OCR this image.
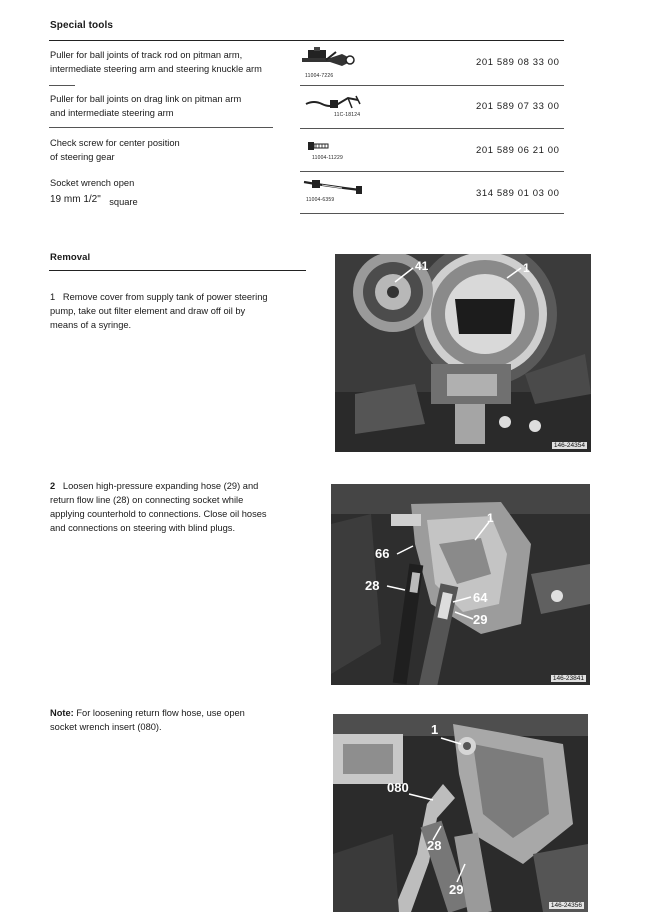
Special tools
Puller for ball joints of track rod on pitman arm,
intermediate steering arm and steering knuckle arm
11004-7226
201 589 08 33 00
Puller for ball joints on drag link on pitman arm
and intermediate steering arm	11C-18124
201 589 07 33 00
Check screw for center position
of steering gear	11004-11229
201 589 06 21 00
Socket wrench open
19 mm 1/2" square	11004-6359
314 589 01 03 00
Removal
1 Remove cover from supply tank of power steering
pump, take out filter element and draw off oil by
means of a syringe.
41	1
146-24354
2 Loosen high-pressure expanding hose (29) and
return flow line (28) on connecting socket while
applying counterhold to connections. Close oil hoses
and connections on steering with blind plugs.
1
66
28
64
29
146-23841
Note: For loosening return flow hose, use open
socket wrench insert (080).	1
080
28
29
146-24356
